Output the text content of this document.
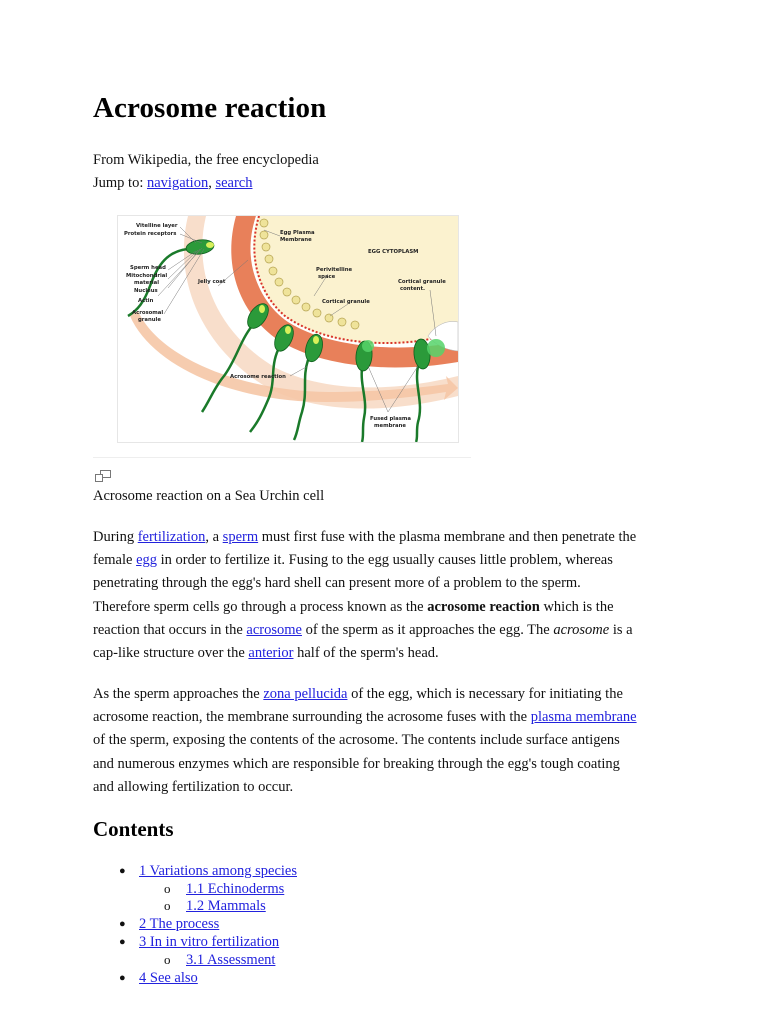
Acrosome reaction
From Wikipedia, the free encyclopedia
Jump to: navigation, search
Vitelline layer
Protein receptors	Egg Plasma
Membrane
EGG CYTOPLASM
Sperm head
Mitochondrial
material
Nucleus
Actin
Acrosomal
granule
Jelly coat
Perivitelline
space
Cortical granule
Cortical granule
content.
Acrosome reaction
Fused plasma
membrane
Acrosome reaction on a Sea Urchin cell
During fertilization, a sperm must first fuse with the plasma membrane and then penetrate the
female egg in order to fertilize it. Fusing to the egg usually causes little problem, whereas
penetrating through the egg's hard shell can present more of a problem to the sperm.
Therefore sperm cells go through a process known as the acrosome reaction which is the
reaction that occurs in the acrosome of the sperm as it approaches the egg. The acrosome is a
cap-like structure over the anterior half of the sperm's head.
As the sperm approaches the zona pellucida of the egg, which is necessary for initiating the
acrosome reaction, the membrane surrounding the acrosome fuses with the plasma membrane
of the sperm, exposing the contents of the acrosome. The contents include surface antigens
and numerous enzymes which are responsible for breaking through the egg's tough coating
and allowing fertilization to occur.
Contents
● 1 Variations among species
o 1.1 Echinoderms
o 1.2 Mammals
● 2 The process
● 3 In in vitro fertilization
o 3.1 Assessment
● 4 See also
